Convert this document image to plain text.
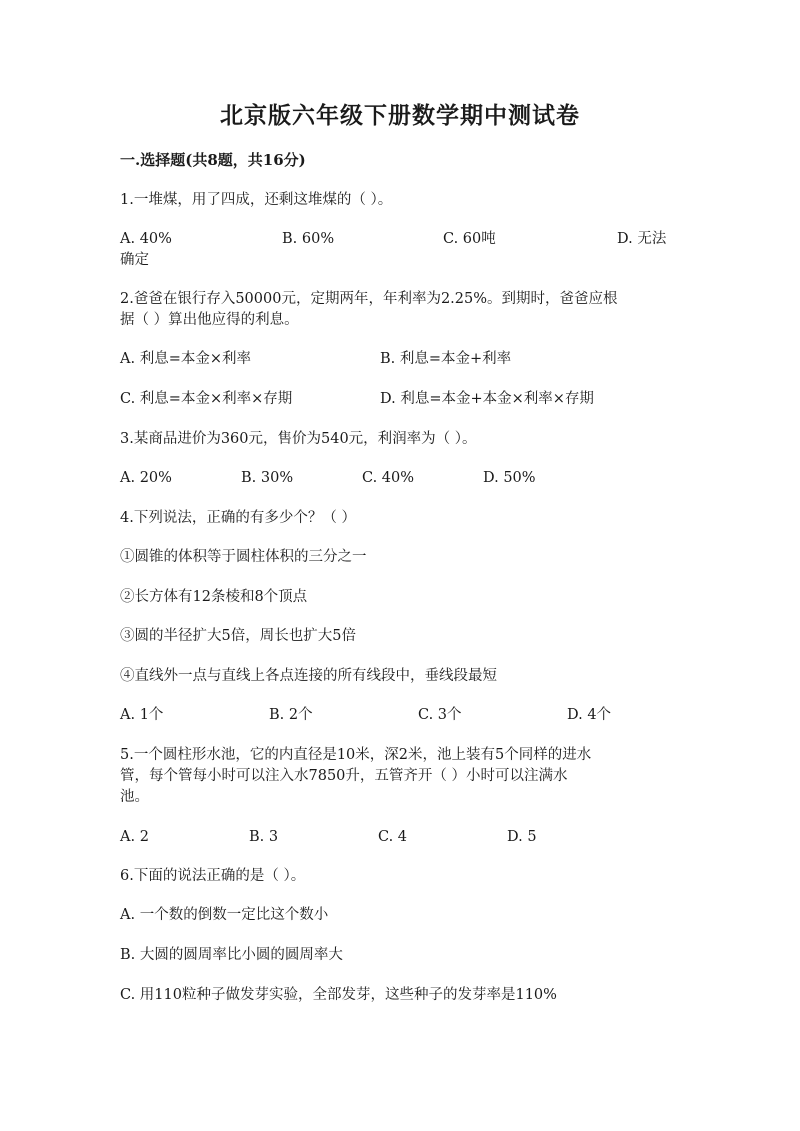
北京版六年级下册数学期中测试卷
一.选择题(共8题，共16分)
1.一堆煤，用了四成，还剩这堆煤的（ ）。
A. 40%	B. 60%	C. 60吨	D. 无法
确定
2.爸爸在银行存入50000元，定期两年，年利率为2.25%。到期时，爸爸应根
据（ ）算出他应得的利息。
A. 利息=本金×利率	B. 利息=本金+利率
C. 利息=本金×利率×存期	D. 利息=本金+本金×利率×存期
3.某商品进价为360元，售价为540元，利润率为（ ）。
A. 20%	B. 30%	C. 40%	D. 50%
4.下列说法，正确的有多少个？（ ）
①圆锥的体积等于圆柱体积的三分之一
②长方体有12条棱和8个顶点
③圆的半径扩大5倍，周长也扩大5倍
④直线外一点与直线上各点连接的所有线段中，垂线段最短
A. 1个	B. 2个	C. 3个	D. 4个
5.一个圆柱形水池，它的内直径是10米，深2米，池上装有5个同样的进水
管，每个管每小时可以注入水7850升，五管齐开（ ）小时可以注满水
池。
A. 2	B. 3	C. 4	D. 5
6.下面的说法正确的是（ ）。
A. 一个数的倒数一定比这个数小
B. 大圆的圆周率比小圆的圆周率大
C. 用110粒种子做发芽实验，全部发芽，这些种子的发芽率是110%
